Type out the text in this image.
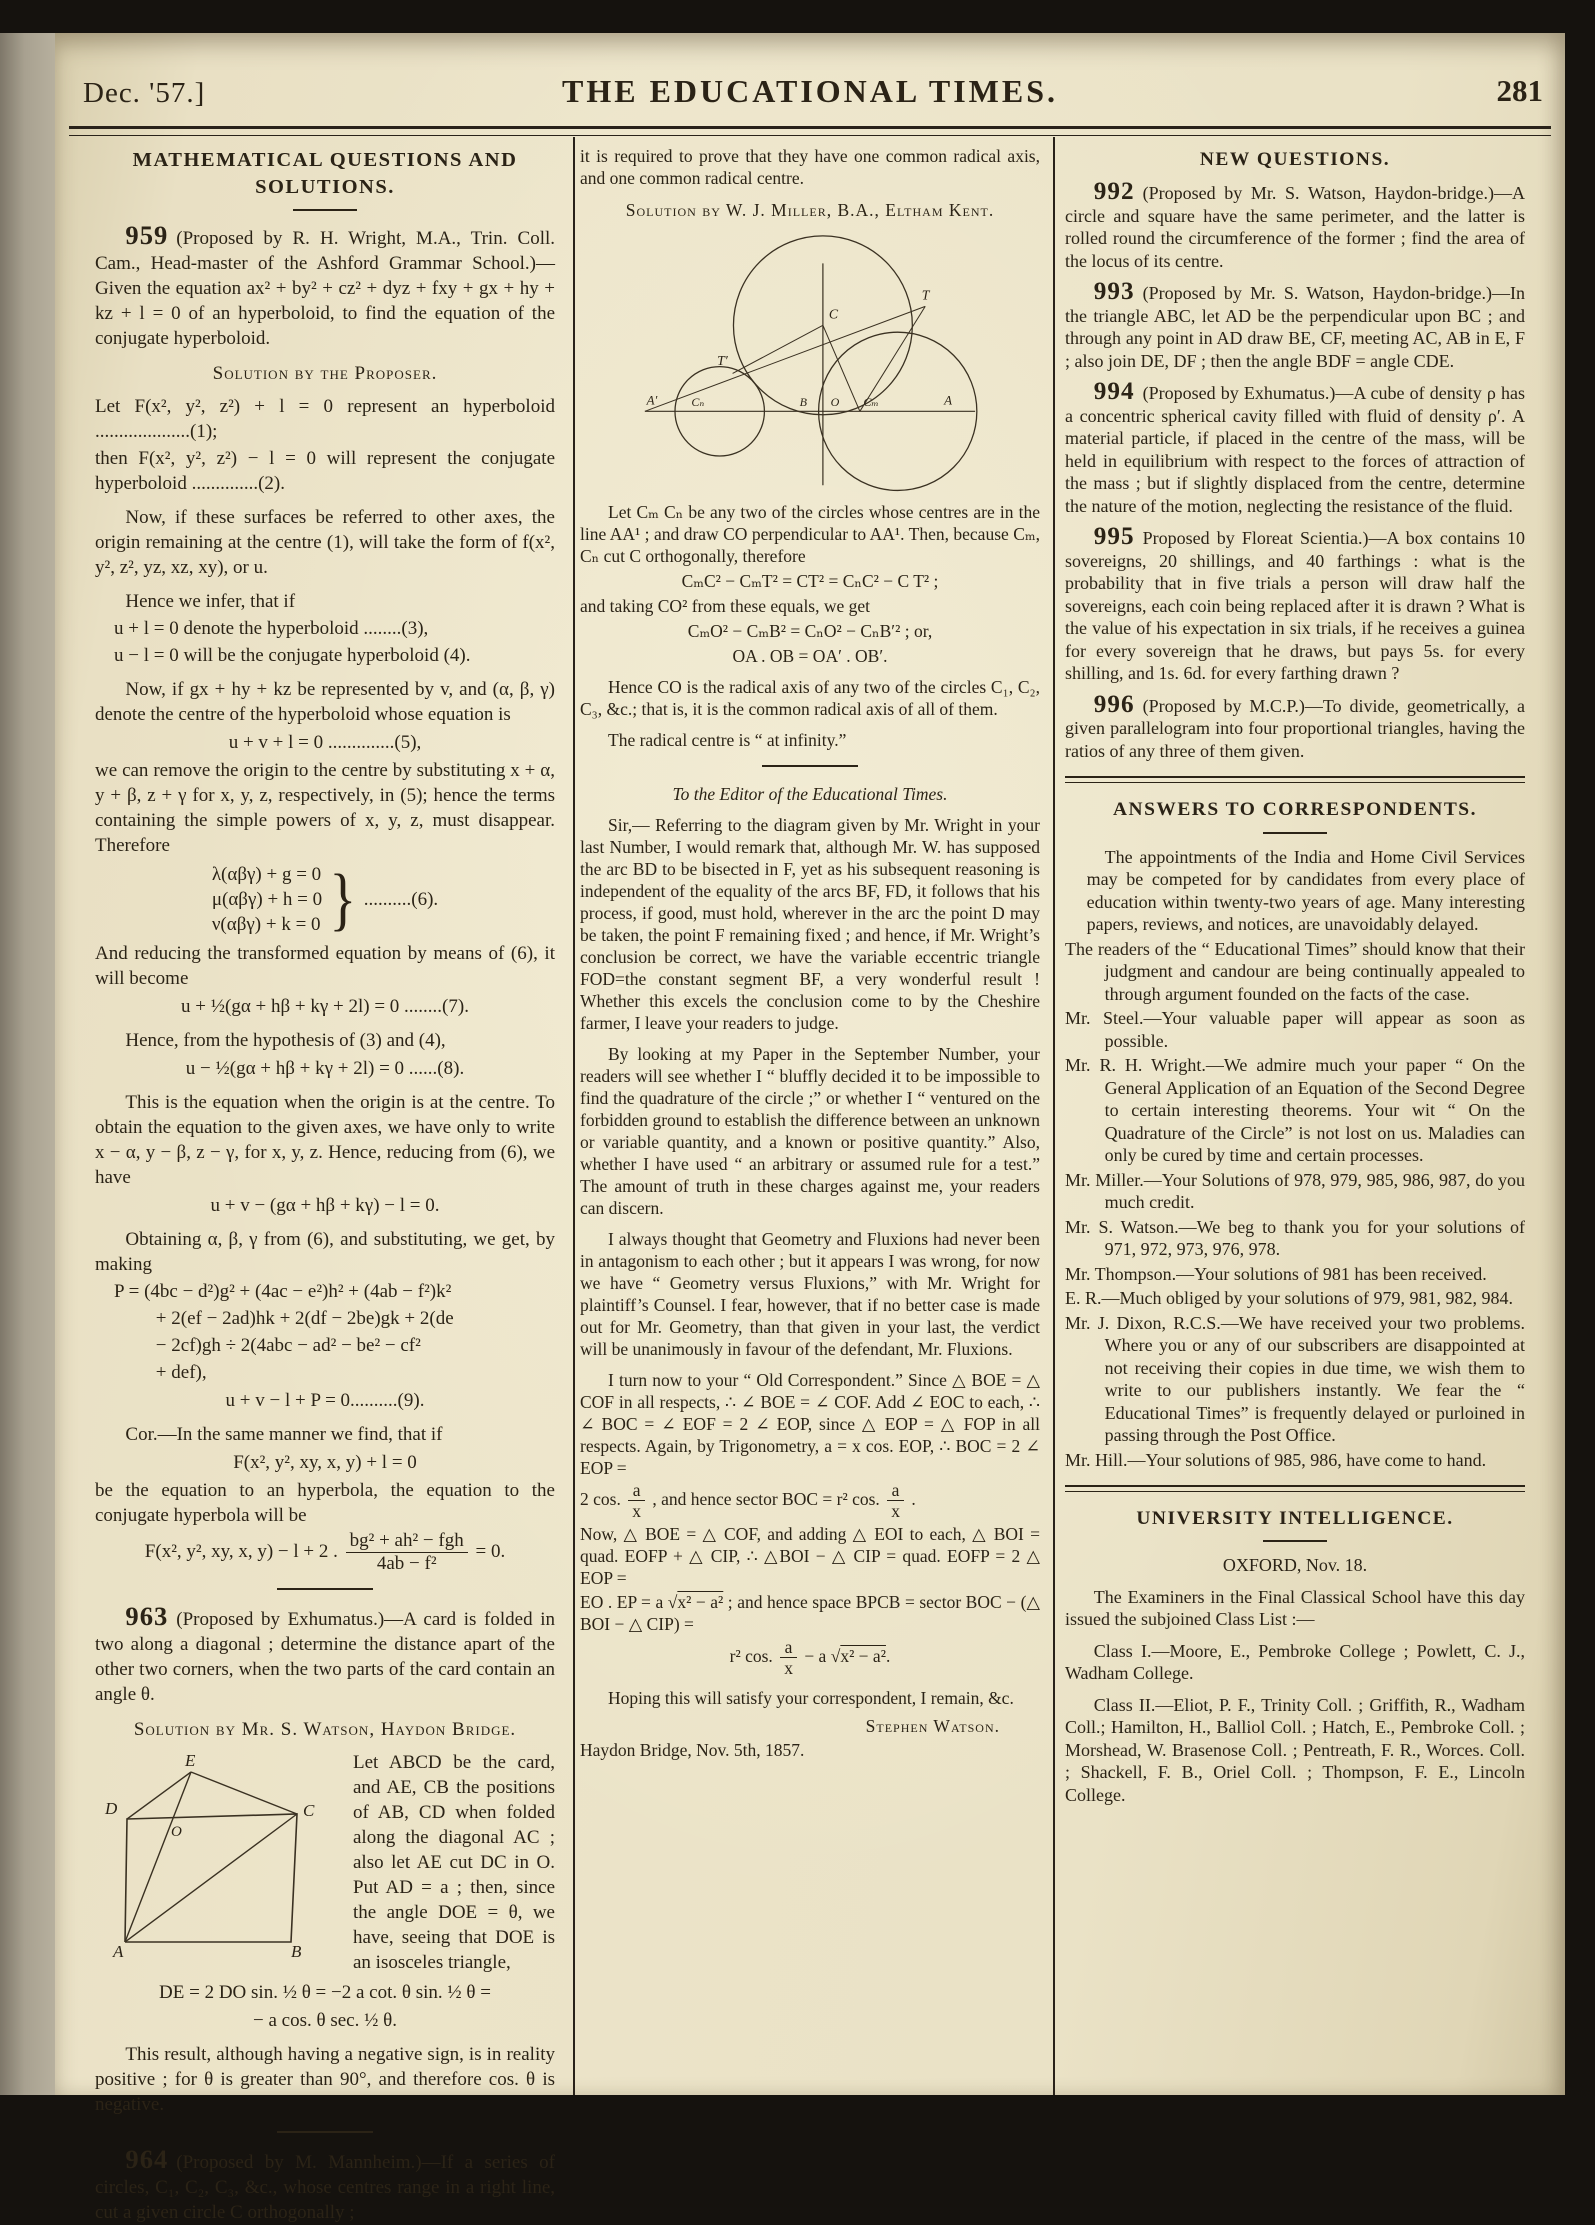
Dec. '57.]	THE EDUCATIONAL TIMES.	281
MATHEMATICAL QUESTIONS AND
SOLUTIONS.

959 (Proposed by R. H. Wright, M.A., Trin. Coll. Cam., Head-master of the Ashford Grammar School.)—Given the equation ax² + by² + cz² + dyz + fxy + gx + hy + kz + l = 0 of an hyperboloid, to find the equation of the conjugate hyperboloid.

Solution by the Proposer.

Let F(x², y², z²) + l = 0 represent an hyperboloid ....................(1);

then F(x², y², z²) − l = 0 will represent the conjugate hyperboloid ..............(2).

Now, if these surfaces be referred to other axes, the origin remaining at the centre (1), will take the form of f(x², y², z², yz, xz, xy), or u.

Hence we infer, that if

u + l = 0 denote the hyperboloid ........(3),

u − l = 0 will be the conjugate hyperboloid (4).

Now, if gx + hy + kz be represented by v, and (α, β, γ) denote the centre of the hyperboloid whose equation is

u + v + l = 0 ..............(5),

we can remove the origin to the centre by substituting x + α, y + β, z + γ for x, y, z, respectively, in (5); hence the terms containing the simple powers of x, y, z, must disappear. Therefore

λ(αβγ) + g = 0
μ(αβγ) + h = 0
ν(αβγ) + k = 0 } ..........(6).

And reducing the transformed equation by means of (6), it will become

u + ½(gα + hβ + kγ + 2l) = 0 ........(7).

Hence, from the hypothesis of (3) and (4),

u − ½(gα + hβ + kγ + 2l) = 0 ......(8).

This is the equation when the origin is at the centre. To obtain the equation to the given axes, we have only to write x − α, y − β, z − γ, for x, y, z. Hence, reducing from (6), we have

u + v − (gα + hβ + kγ) − l = 0.

Obtaining α, β, γ from (6), and substituting, we get, by making

P = (4bc − d²)g² + (4ac − e²)h² + (4ab − f²)k²

+ 2(ef − 2ad)hk + 2(df − 2be)gk + 2(de

− 2cf)gh ÷ 2(4abc − ad² − be² − cf²

+ def),

u + v − l + P = 0..........(9).

Cor.—In the same manner we find, that if

F(x², y², xy, x, y) + l = 0

be the equation to an hyperbola, the equation to the conjugate hyperbola will be

F(x², y², xy, x, y) − l + 2 . $\frac{\text{bg² + ah² − fgh}}{\text{4ab − f²}} = 0$.

963 (Proposed by Exhumatus.)—A card is folded in two along a diagonal ; determine the distance apart of the other two corners, when the two parts of the card contain an angle θ.

Solution by Mr. S. Watson, Haydon Bridge.

E
D	C
O
A	B

Let ABCD be the card, and AE, CB the positions of AB, CD when folded along the diagonal AC ; also let AE cut DC in O. Put AD = a ; then, since the angle DOE = θ, we have, seeing that DOE is an isosceles triangle,

DE = 2 DO sin. ½ θ = −2 a cot. θ sin. ½ θ =

− a cos. θ sec. ½ θ.

This result, although having a negative sign, is in reality positive ; for θ is greater than 90°, and therefore cos. θ is negative.

964 (Proposed by M. Mannheim.)—If a series of circles, C₁, C₂, C₃, &c., whose centres range in a right line, cut a given circle C orthogonally ;

it is required to prove that they have one common radical axis, and one common radical centre.

Solution by W. J. Miller, B.A., Eltham Kent.

T
T′
C
Cₙ
A′	B O Cₘ	A

Let Cₘ Cₙ be any two of the circles whose centres are in the line AA¹ ; and draw CO perpendicular to AA¹. Then, because Cₘ, Cₙ cut C orthogonally, therefore

CₘC² − CₘT² = CT² = CₙC² − C T² ;

and taking CO² from these equals, we get

CₘO² − CₘB² = CₙO² − CₙB′² ; or,

OA . OB = OA′ . OB′.

Hence CO is the radical axis of any two of the circles C₁, C₂, C₃, &c.; that is, it is the common radical axis of all of them.

The radical centre is “ at infinity.”

To the Editor of the Educational Times.

Sir,— Referring to the diagram given by Mr. Wright in your last Number, I would remark that, although Mr. W. has supposed the arc BD to be bisected in F, yet as his subsequent reasoning is independent of the equality of the arcs BF, FD, it follows that his process, if good, must hold, wherever in the arc the point D may be taken, the point F remaining fixed ; and hence, if Mr. Wright’s conclusion be correct, we have the variable eccentric triangle FOD=the constant segment BF, a very wonderful result ! Whether this excels the conclusion come to by the Cheshire farmer, I leave your readers to judge.

By looking at my Paper in the September Number, your readers will see whether I “ bluffly decided it to be impossible to find the quadrature of the circle ;” or whether I “ ventured on the forbidden ground to establish the difference between an unknown or variable quantity, and a known or positive quantity.” Also, whether I have used “ an arbitrary or assumed rule for a test.” The amount of truth in these charges against me, your readers can discern.

I always thought that Geometry and Fluxions had never been in antagonism to each other ; but it appears I was wrong, for now we have “ Geometry versus Fluxions,” with Mr. Wright for plaintiff’s Counsel. I fear, however, that if no better case is made out for Mr. Geometry, than that given in your last, the verdict will be unanimously in favour of the defendant, Mr. Fluxions.

I turn now to your “ Old Correspondent.” Since △ BOE = △ COF in all respects, ∴ ∠ BOE = ∠ COF. Add ∠ EOC to each, ∴ ∠ BOC = ∠ EOF = 2 ∠ EOP, since △ EOP = △ FOP in all respects. Again, by Trigonometry, a = x cos. EOP, ∴ BOC = 2 ∠ EOP =

2 cos. $\frac{a}{x}$ , and hence sector BOC = r² cos. $\frac{a}{x}$ .

Now, △ BOE = △ COF, and adding △ EOI to each, △ BOI = quad. EOFP + △ CIP, ∴ △BOI − △ CIP = quad. EOFP = 2 △ EOP =

EO . EP = a √x² − a² ; and hence space BPCB = sector BOC − (△ BOI − △ CIP) =

r² cos. $\frac{a}{x} - a$ √x² − a².

Hoping this will satisfy your correspondent, I remain, &c.

Stephen Watson.

Haydon Bridge, Nov. 5th, 1857.

NEW QUESTIONS.

992 (Proposed by Mr. S. Watson, Haydon-bridge.)—A circle and square have the same perimeter, and the latter is rolled round the circumference of the former ; find the area of the locus of its centre.

993 (Proposed by Mr. S. Watson, Haydon-bridge.)—In the triangle ABC, let AD be the perpendicular upon BC ; and through any point in AD draw BE, CF, meeting AC, AB in E, F ; also join DE, DF ; then the angle BDF = angle CDE.

994 (Proposed by Exhumatus.)—A cube of density ρ has a concentric spherical cavity filled with fluid of density ρ′. A material particle, if placed in the centre of the mass, will be held in equilibrium with respect to the forces of attraction of the mass ; but if slightly displaced from the centre, determine the nature of the motion, neglecting the resistance of the fluid.

995 Proposed by Floreat Scientia.)—A box contains 10 sovereigns, 20 shillings, and 40 farthings : what is the probability that in five trials a person will draw half the sovereigns, each coin being replaced after it is drawn ? What is the value of his expectation in six trials, if he receives a guinea for every sovereign that he draws, but pays 5s. for every shilling, and 1s. 6d. for every farthing drawn ?

996 (Proposed by M.C.P.)—To divide, geometrically, a given parallelogram into four proportional triangles, having the ratios of any three of them given.

ANSWERS TO CORRESPONDENTS.

The appointments of the India and Home Civil Services may be competed for by candidates from every place of education within twenty-two years of age. Many interesting papers, reviews, and notices, are unavoidably delayed.

The readers of the “ Educational Times” should know that their judgment and candour are being continually appealed to through argument founded on the facts of the case.

Mr. Steel.—Your valuable paper will appear as soon as possible.

Mr. R. H. Wright.—We admire much your paper “ On the General Application of an Equation of the Second Degree to certain interesting theorems. Your wit “ On the Quadrature of the Circle” is not lost on us. Maladies can only be cured by time and certain processes.

Mr. Miller.—Your Solutions of 978, 979, 985, 986, 987, do you much credit.

Mr. S. Watson.—We beg to thank you for your solutions of 971, 972, 973, 976, 978.

Mr. Thompson.—Your solutions of 981 has been received.

E. R.—Much obliged by your solutions of 979, 981, 982, 984.

Mr. J. Dixon, R.C.S.—We have received your two problems. Where you or any of our subscribers are disappointed at not receiving their copies in due time, we wish them to write to our publishers instantly. We fear the “ Educational Times” is frequently delayed or purloined in passing through the Post Office.

Mr. Hill.—Your solutions of 985, 986, have come to hand.

UNIVERSITY INTELLIGENCE.

OXFORD, Nov. 18.

The Examiners in the Final Classical School have this day issued the subjoined Class List :—

Class I.—Moore, E., Pembroke College ; Powlett, C. J., Wadham College.

Class II.—Eliot, P. F., Trinity Coll. ; Griffith, R., Wadham Coll.; Hamilton, H., Balliol Coll. ; Hatch, E., Pembroke Coll. ; Morshead, W. Brasenose Coll. ; Pentreath, F. R., Worces. Coll. ; Shackell, F. B., Oriel Coll. ; Thompson, F. E., Lincoln College.
